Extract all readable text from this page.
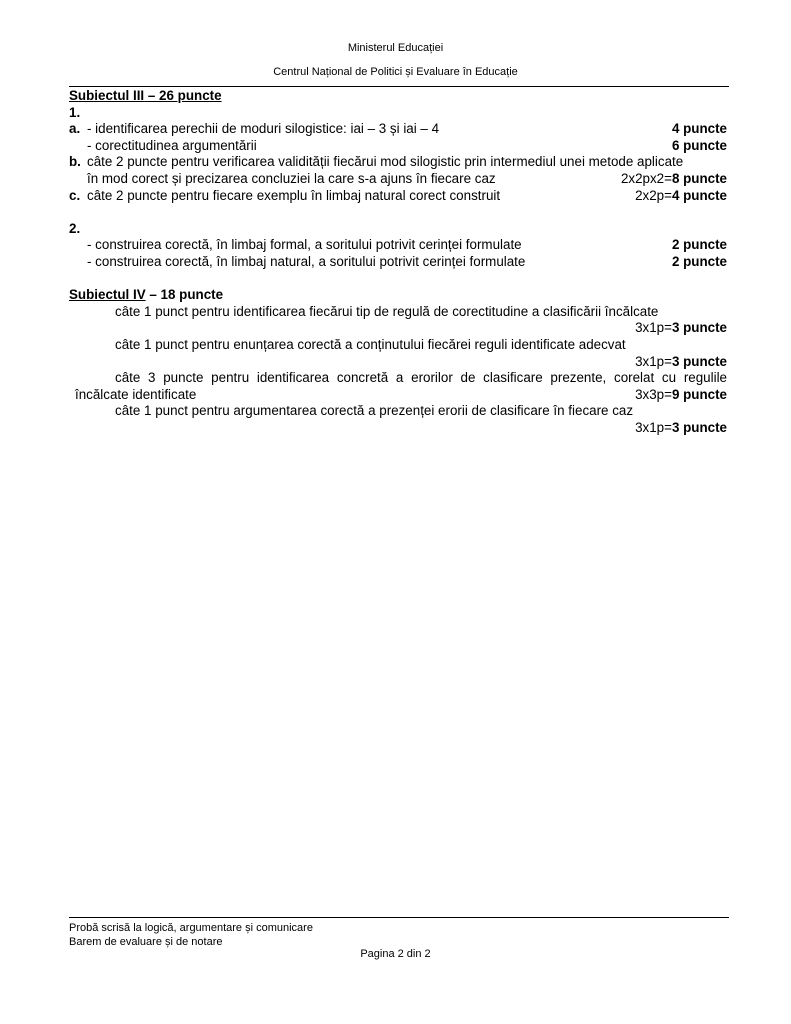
Ministerul Educației
Centrul Național de Politici și Evaluare în Educație
Subiectul III – 26 puncte
1.
a. - identificarea perechii de moduri silogistice: iai – 3 și iai – 4	4 puncte
- corectitudinea argumentării	6 puncte
b. câte 2 puncte pentru verificarea validității fiecărui mod silogistic prin intermediul unei metode aplicate
în mod corect și precizarea concluziei la care s-a ajuns în fiecare caz	2x2px2=8 puncte
c. câte 2 puncte pentru fiecare exemplu în limbaj natural corect construit	2x2p=4 puncte
2.
- construirea corectă, în limbaj formal, a soritului potrivit cerinței formulate	2 puncte
- construirea corectă, în limbaj natural, a soritului potrivit cerinței formulate	2 puncte
Subiectul IV – 18 puncte
câte 1 punct pentru identificarea fiecărui tip de regulă de corectitudine a clasificării încălcate
3x1p=3 puncte
câte 1 punct pentru enunțarea corectă a conținutului fiecărei reguli identificate adecvat
3x1p=3 puncte
câte 3 puncte pentru identificarea concretă a erorilor de clasificare prezente, corelat cu regulile
încălcate identificate	3x3p=9 puncte
câte 1 punct pentru argumentarea corectă a prezenței erorii de clasificare în fiecare caz
3x1p=3 puncte
Probă scrisă la logică, argumentare și comunicare
Barem de evaluare și de notare
Pagina 2 din 2
